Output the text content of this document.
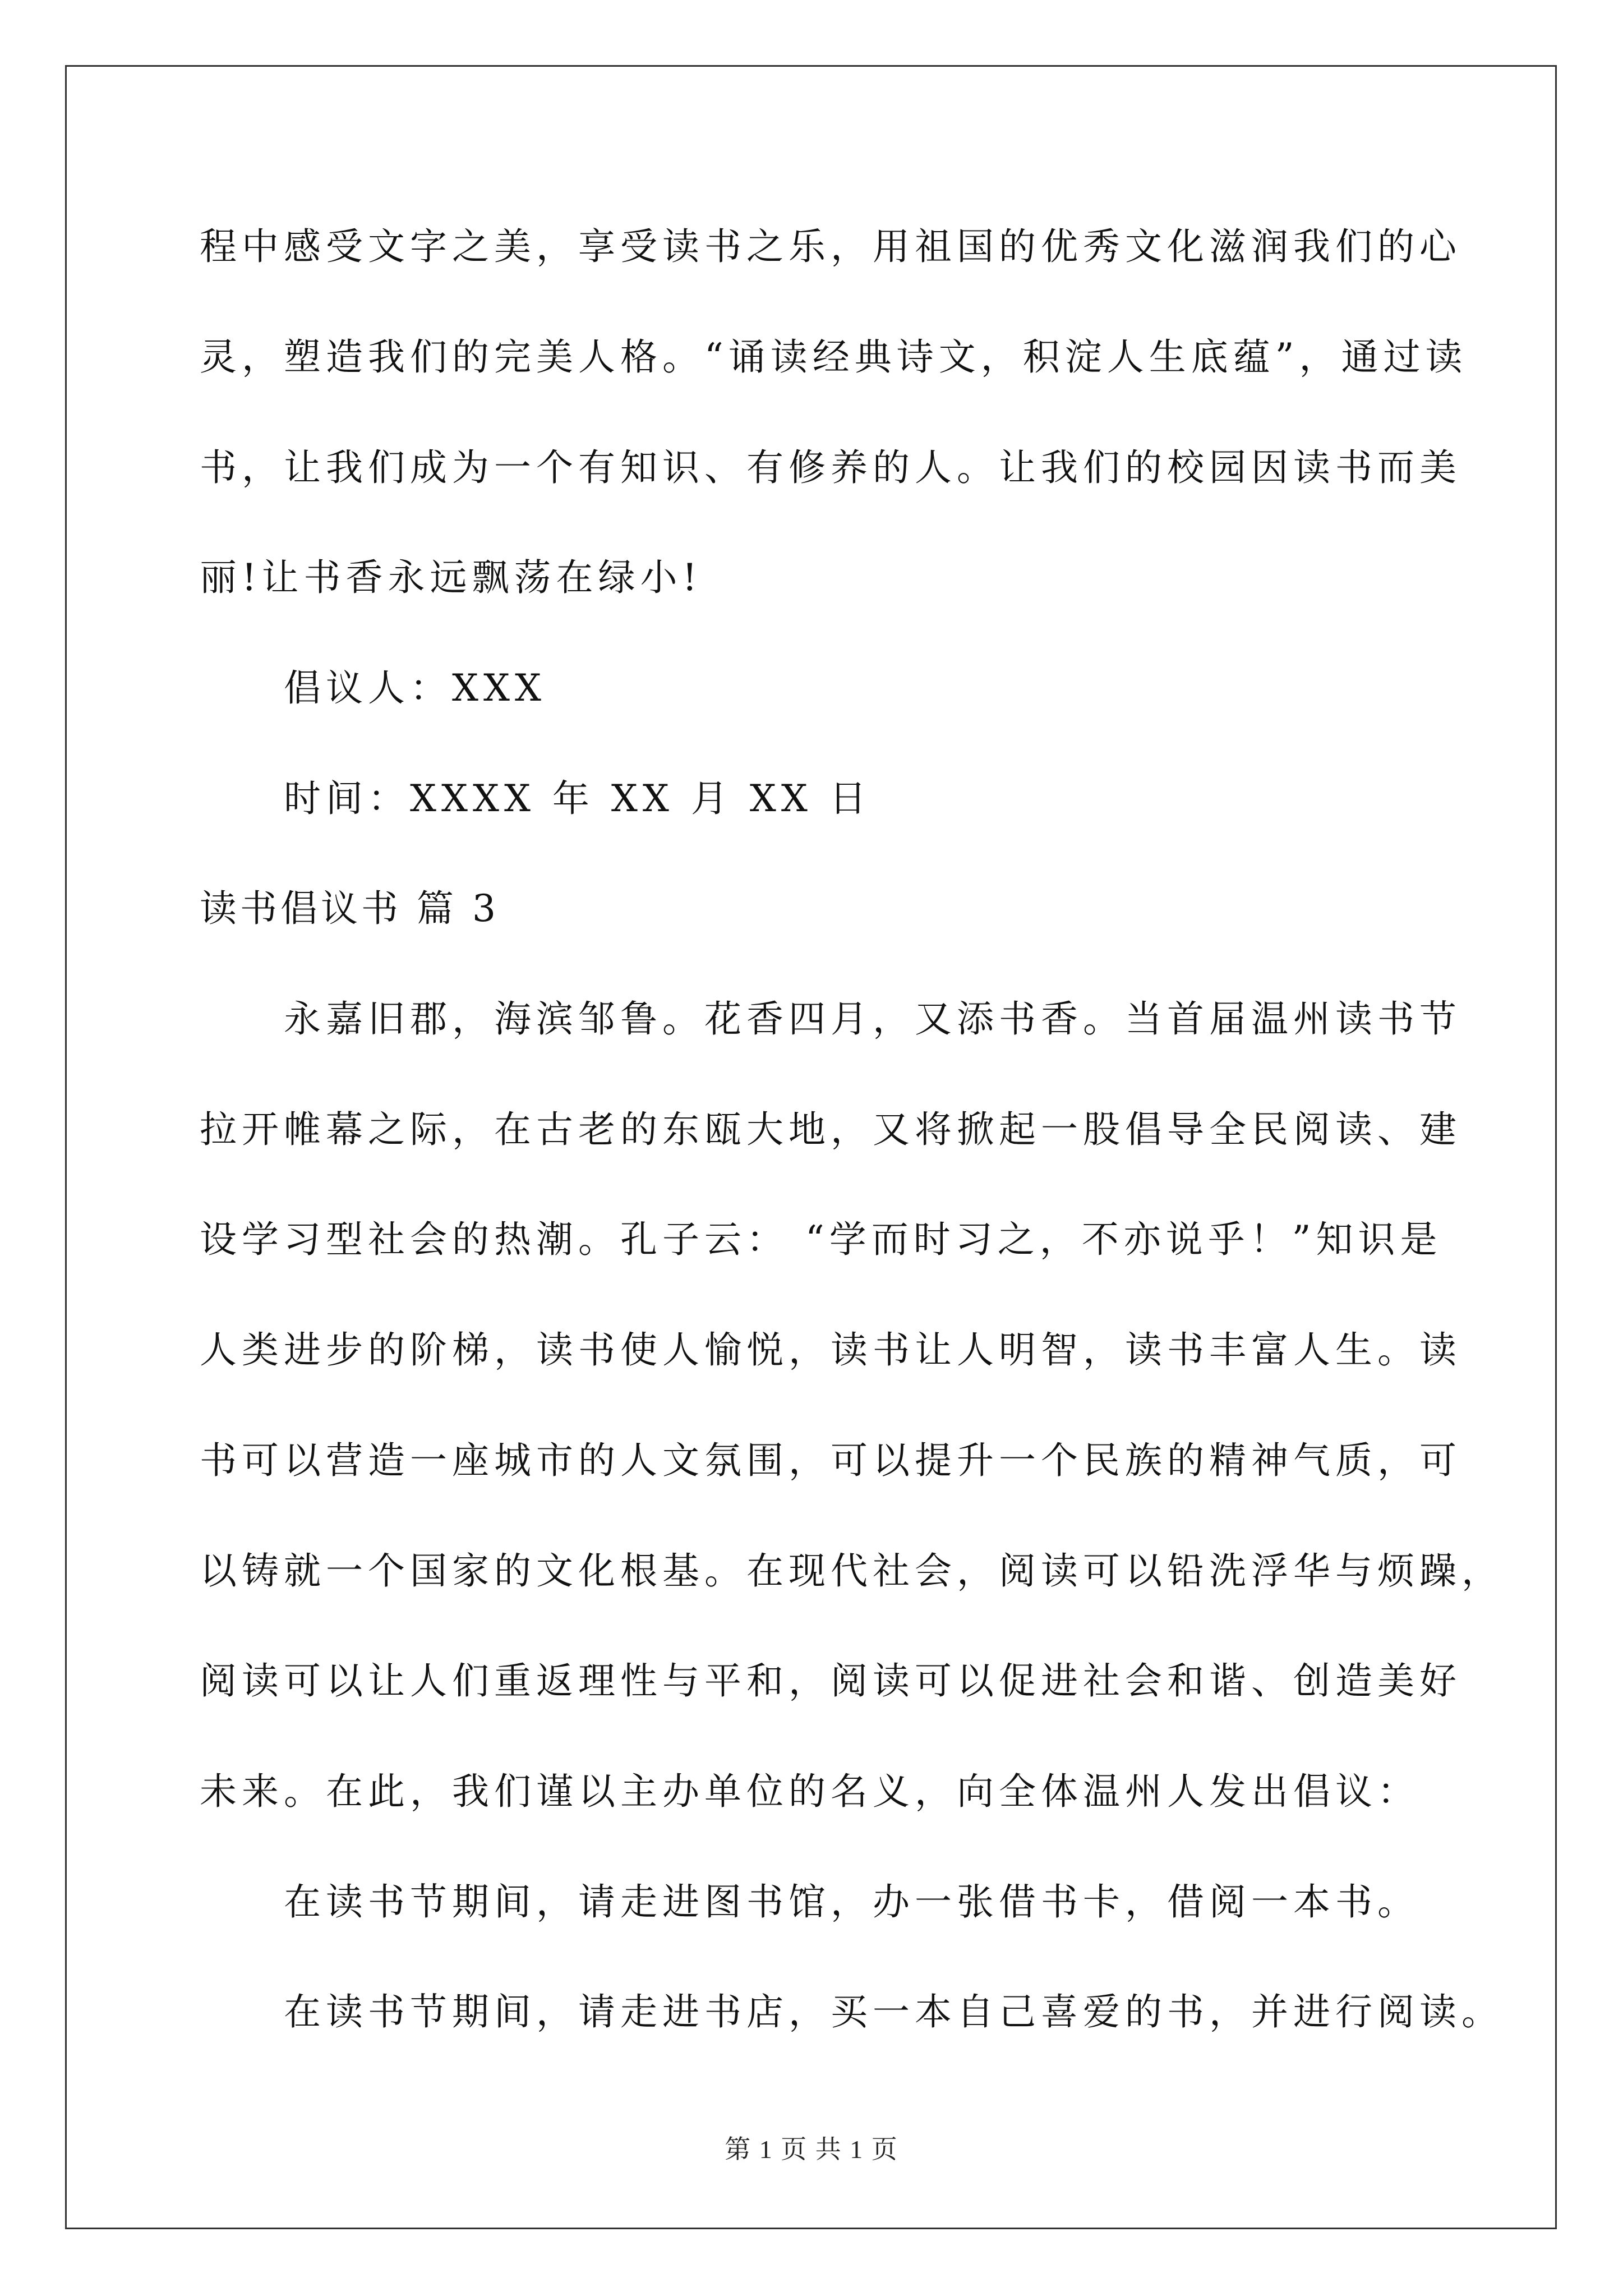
程中感受文字之美，享受读书之乐，用祖国的优秀文化滋润我们的心
灵，塑造我们的完美人格。“诵读经典诗文，积淀人生底蕴”，通过读
书，让我们成为一个有知识、有修养的人。让我们的校园因读书而美
丽!让书香永远飘荡在绿小!
倡议人：XXX
时间：XXXX 年 XX 月 XX 日
读书倡议书 篇 3
永嘉旧郡，海滨邹鲁。花香四月，又添书香。当首届温州读书节
拉开帷幕之际，在古老的东瓯大地，又将掀起一股倡导全民阅读、建
设学习型社会的热潮。孔子云： “学而时习之，不亦说乎！”知识是
人类进步的阶梯，读书使人愉悦，读书让人明智，读书丰富人生。读
书可以营造一座城市的人文氛围，可以提升一个民族的精神气质，可
以铸就一个国家的文化根基。在现代社会，阅读可以铅洗浮华与烦躁，
阅读可以让人们重返理性与平和，阅读可以促进社会和谐、创造美好
未来。在此，我们谨以主办单位的名义，向全体温州人发出倡议：
在读书节期间，请走进图书馆，办一张借书卡，借阅一本书。
在读书节期间，请走进书店，买一本自己喜爱的书，并进行阅读。
第 1 页 共 1 页
